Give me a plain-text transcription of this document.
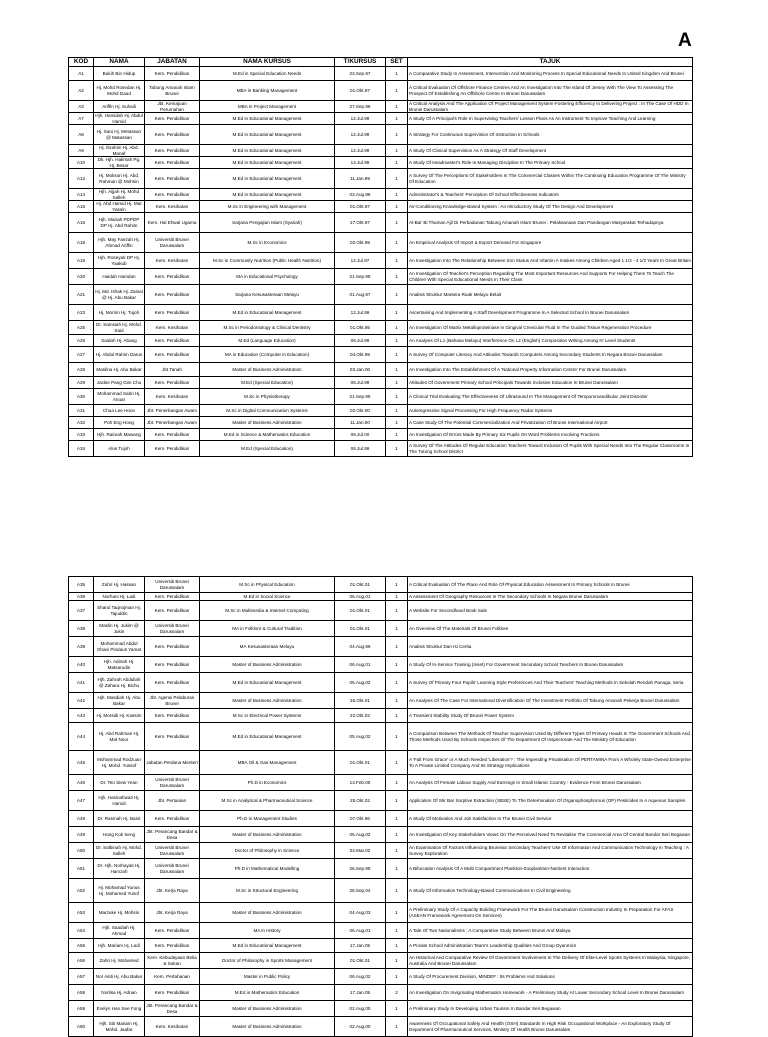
A
KOD	NAMA	JABATAN	NAMA KURSUS	T/KURSUS	SET	TAJUK
A1	Bukih Bin Hidup	Kem. Pendidikan	M.Ed in Special Education Needs	23.Sep.97	1	A Comparative Study In Assessment, Intervention And Monitoring Process In Special Educational Needs In United Kingdom And Brunei
A2	Hj. Mohd Rosedan Hj. Mohd Daud	Tabung Amanah Islam Brunei	MBA in Banking Management	01.Okt.97	1	A Critical Evaluation Of Offshore Finance Centres And An Investigation Into The Island Of Jersey With The View To Assessing The Prospect Of Establishing An Offshore Centre In Brunei Darussalam
A3	Ariffin Hj. Suhaili	Jbt. Kemajuan Perumahan	MBA in Project Management	27.Sep.98	1	A Critical Analysis And The Application Of Project Management System-Fostering Efficiency In Delivering Project : In The Case Of HDD In Brunei Darussalam
A7	Hjh. Hamidah Hj. Abdul Hamid	Kem. Pendidikan	M.Ed in Educational Management	12.Jul.99	1	A Study Of A Principal's Role In Supervising Teachers' Lesson Plans As An Instrument To Improve Teaching And Learning
A8	Hj. Sani Hj. Metassan @ Matassan	Kem. Pendidikan	M.Ed in Educational Management	12.Jul.99	1	A Strategy For Continuous Supervision Of Instruction In Schools
A9	Hj. Ibrahim Hj. Abd. Manaf	Kem. Pendidikan	M.Ed in Educational Management	12.Jul.99	1	A Study Of Clinical Supervision As A Strategy Of Staff Development
A10	Dk. Hjh. Halimah Pg. Hj. Besar	Kem. Pendidikan	M.Ed in Educational Management	12.Jul.99	1	A Study Of Headmaster's Role In Managing Discipline In The Primary School
A12	Hj. Mokson Hj. Abd. Rahman @ Mohsin	Kem. Pendidikan	M.Ed in Educational Management	11.Jan.99	1	A Survey Of The Perceptions Of Stakeholders In The Commercial Classes Within The Continuing Education Programme Of The Ministry Of Education
A14	Hjh. Aijjah Hj. Mohd Salleh	Kem. Pendidikan	M.Ed in Educational Management	03.Aug.98	1	Administrator's & Teachers' Perception Of School Effectiveness Indicators
A15	Hj. Abd Hamid Hj. Mat Yassin	Kem. Kesihatan	M.Sc in Engineering with Management	01.Okt.97	1	Air-Conditioning Knowledge-Based System : An Introductory Study Of The Design And Development
A16	Hjh. Mariah PDPDP DP Hj. Abd Rahim	Kem. Hal Ehwal Ugama	Sarjana Pengajian Islam (Syariah)	27.Okt.97	1	Al-Bai' Bi Thaman Ajil Di Perbadanan Tabung Amanah Islam Brunei : Pelaksanaan Dan Pandangan Masyarakat Terhadapnya
A18	Hjh. May Faezah Hj. Ahmad Ariffin	Universiti Brunei Darussalam	M.Sc in Economics	02.Okt.99	1	An Empirical Analysis Of Import & Export Demand For Singapore
A19	Hjh. Roseyati DP Hj. Yaakub	Kem. Kesihatan	M.Sc in Community Nutrition (Public Health Nutrition)	12.Jul.97	1	An Investigation Into The Relationship Between Iron Status And Vitamin A Intakes Among Children Aged 1 1/2 - 4 1/2 Years In Great Britain
A20	Haidah Hamdan	Kem. Pendidikan	MA in Educational Psychology	21.Sep.98	1	An Investigation Of Teacher's Perception Regarding The Most Important Resources And Supports For Helping Them To Teach The Children With Special Educational Needs In Their Class
A21	Hj. Md. Ishak Hj. Zainal @ Hj. Abu Bakar	Kem. Pendidikan	Sarjana Kesusasteraan Melayu	01.Aug.97	1	Analisis Struktur Mantera Ruak Melayu Belait
A23	Hj. Mornin Hj. Tujoh	Kem. Pendidikan	M.Ed in Educational Management	12.Jul.99	1	Ascertaining And Implementing A Staff Development Programme In A Selected School In Brunei Darussalam
A25	Dr. Samsiah Hj. Mohd. Said	Kem. Kesihatan	M.Sc in Periodontology & Clinical Dentistry	01.Okt.95	1	An Investigation Of Matrix Metalloproteinase In Gingival Crevicular Fluid In The Guided Tissue Regeneration Procedure
A26	Saidah Hj. Abang	Kem. Pendidikan	M.Ed (Language Education)	06.Jul.99	1	An Analysis Of L1 (Bahasa Melayu) Interference On L2 (English) Composition Writing Among N' Level Students
A27	Hj. Abdul Rahim Darus	Kem. Pendidikan	MA in Education (Computer in Education)	04.Okt.99	1	A Survey Of Computer Literacy And Attitudes Towards Computers Among Secondary Students In Negara Brunei Darussalam
A28	Maslina Hj. Abu Bakar	Jbt Tanah	Master of Business Administration	03.Jan.00	1	An Investigation Into The Establishment Of A 'National Property Information Centre' For Brunei Darussalam
A29	Jackie Pang Gim Chu	Kem. Pendidikan	M.Ed (Special Education)	06.Jul.99	1	Attitudes Of Government Primary School Principals Towards Inclusive Education In Brunei Darussalam
A30	Mohammad Sabri Hj. Anuar	Kem. Kesihatan	M.Sc in Physiotherapy	21.Sep.99	1	A Clinical Trial Evaluating The Effectiveness Of Ultrasound In The Management Of Temporomandibular Joint Disorder
A31	Chua Lee Hoon	Jbt. Penerbangan Awam	M.Sc in Digital Communication Systems	02.Okt.00	1	Autoregressive Signal Processing For High Frequency Radar Systems
A32	Poh Eng Hong	Jbt. Penerbangan Awam	Master of Business Administration	11.Jan.00	1	A Case Study Of The Potential Commercialization And Privatization Of Brunei International Airport
A33	Hjh. Raimah Mawang	Kem. Pendidikan	M.Ed in Science & Mathematics Education	06.Jul.00	1	An Investigation Of Errors Made By Primary Six Pupils On Word Problems Involving Fractions
A34	Alus Tujoh	Kem. Pendidikan	M.Ed (Special Education)	06.Jul.99	1	A Survey Of The Attitudes Of Regular Education Teachers Toward Inclusion Of Pupils With Special Needs Into The Regular Classrooms In The Tutong School District
A35	Zuhri Hj. Hassan	Universiti Brunei Darussalam	M.Sc in Physical Education	01.Okt.01	1	A Critical Evaluation Of The Place And Role Of Physical Education Assessment In Primary Schools In Brunei
A36	Norhani Hj. Ladi	Kem. Pendidikan	M.Ed in Social Science	06.Aug.01	1	A Assessment Of Geography Resources In The Secondary Schools In Negara Brunei Darussalam
A37	Sharul Taqnojman Hj. Tajuddin	Kem. Pendidikan	M.Sc in Multimedia & Internet Computing	01.Okt.01	1	A Website For Secondhand Book Sale
A38	Maslin Hj. Jukim @ Jukin	Universiti Brunei Darussalam	MA in Folklore & Cultural Tradition	01.Okt.01	1	An Overview Of The Materials Of Brunei Folklore
A39	Mohammad Abdul Ghani Pindaus Yamat	Kem. Pendidikan	MA Kesusasteraan Melayu	04.Aug.99	1	Analisis Struktur Dan Isi Cerita
A40	Hjh. Adinah Hj. Matsarudin	Kem. Pendidikan	Master of Business Administration	06.Aug.01	1	A Study Of In-Service Training (Inset) For Government Secondary School Teachers In Brunei Darussalam
A41	Hjh. Zahrah Abdullah @ Zahara Hj. Bichu	Kem. Pendidikan	M.Ed in Educational Management	05.Aug.02	1	A Survey Of Primary Four Pupils' Learning Style Preferences And Their Teachers' Teaching Methods In Sekolah Rendah Panaga, Seria
A42	Hjh. Masdiah Hj. Abu Bakar	Jbt. Agensi Pelaburan Brunei	Master of Business Administration	26.Okt.01	1	An Analysis Of The Case For International Diversification Of The Investment Portfolio Of Tabung Amanah Pekerja Brunei Darussalam
A43	Hj. Morsidi Hj. Kassim	Kem. Pendidikan	M.Sc in Electrical Power Systems	22.Okt.02	1	A Transient Stability Study Of Brunei Power System
A44	Hj. Abd Rahman Hj. Mat Noor	Kem. Pendidikan	M.Ed in Educational Management	05.Aug.02	1	A Comparison Between The Methods Of Teacher Supervision Used By Different Types Of Primary Heads In The Government Schools And Those Methods Used By Schools Inspectors Of The Department Of Inspectorate And The Ministry Of Education
A45	Mohammad Rodzuan Hj. Mohd. Yussof	Jabatan Perdana Menteri	MBA Oil & Gas Management	01.Okt.01	1	A 'Fall From Grace' or A Much Needed 'Liberation'? : The Impending Privatisation Of PERTAMINA From A Wholely State-Owned Enterprise To A Private Limited Company And Its Strategy Implications
A46	Dr. Teo Siew Yean	Universiti Brunei Darussalam	Ph.D in Economics	14.Feb.00	1	An Analysis Of Female Labour Supply And Earnings In Small Islamic Country : Evidence From Brunei Darussalam
A47	Hjh. Hasinahwati Hj. Hamdi	Jbt. Pertanian	M.Sc in Analytical & Pharmaceutical Science	25.Okt.02	1	Application Of Stir Bar Sorptive Extraction (SBSE) To The Determination Of Organophosphorous (OP) Pesticides In A Aqueous Samples
A48	Dr. Rasmah Hj. Basir	Kem. Pendidikan	Ph.D in Management Studies	07.Okt.96	1	A Study Of Motivation And Job Satisfaction In The Brunei Civil Service
A49	Hong Kok Seng	Jbt. Perancang Bandar & Desa	Master of Business Administration	05.Aug.02	1	An Investigation Of Key Stakeholders Views On The Perceived Need To Revitalise The Commercial Area Of Central Bandar Seri Begawan
A50	Dr. Salbinah Hj. Mohd. Salleh	Universiti Brunei Darussalam	Doctor of Philosophy in Science	02.Mar.02	1	An Examination Of Factors Influencing Bruneian Secondary Teachers' Use Of Information And Communication Technology In Teaching : A Survey Exploration
A51	Dr. Hjh. Norhayati Hj. Hamzah	Universiti Brunei Darussalam	Ph.D in Mathematical Modelling	26.Sep.98	1	A Bifurcation Analysis Of A Multi Compartment Plankton-Zooplankton-Nutrient Interaction
A52	Hj. Mohamad Yunus Hj. Mohamed Yusof	Jbt. Kerja Raya	M.Sc in Structural Engineering	28.Sep.04	1	A Study Of Information Technology-Based Communications In Civil Engineering
A53	Marzuke Hj. Mohsin	Jbt. Kerja Raya	Master of Business Administration	04.Aug.03	1	A Preliminary Study Of A Capacity Building Framework For The Brunei Darussalam Construction Industry In Preparation For AFAS (ASEAN Framework Agreement On Services)
A54	Hjh. Saadiah Hj. Ahmad	Kem. Pendidikan	MA in History	06.Aug.01	1	A Tale Of Two Nationalisms : A Comparative Study Between Brunei And Malaya
A55	Hjh. Mariam Hj. Ladi	Kem. Pendidikan	M.Ed in Educational Management	17.Jan.05	1	A Private School Administration Team's Leadership Qualities And Group Dyanmics
A56	Zahri Hj. Mohamed	Kem. Kebudayaan Belia & Sukan	Doctor of Philosophy in Sports Management	01.Okt.01	1	An Historical And Comparative Review Of Government Involvement In The Delivery Of Elite-Level Sports Systems In Malaysia, Singapore, Australia And Brunei Darussalam
A57	Nor Asiti Hj. Abu Bakar	Kem. Pertahanan	Master in Public Policy	06.Aug.02	1	A Study Of Procurement Division, MINDEF : Its Problems And Solutions
A58	Norlisa Hj. Adnan	Kem. Pendidikan	M.Ed in Mathematics Education	17.Jan.05	2	An Investigation On Invigorating Mathematics Homework - A Preliminary Study At Lower Secondary School Level In Brunei Darussalam
A59	Evelyn Han See Fong	Jbt. Perancang Bandar & Desa	Master of Business Administration	02.Aug.00	1	A Preliminary Study In Developing Urban Tourism In Bandar Seri Begawan
A60	Hjh. Siti Mariam Hj. Mohd. Jaafar	Kem. Kesihatan	Master of Business Administration	02.Aug.00	1	Awareness Of Occupational Safety And Health (OSH) Standards In High Risk Occupational Workplace - An Exploratory Study Of Department Of Pharmaceutical Services, Ministry Of Health Brunei Darussalam
